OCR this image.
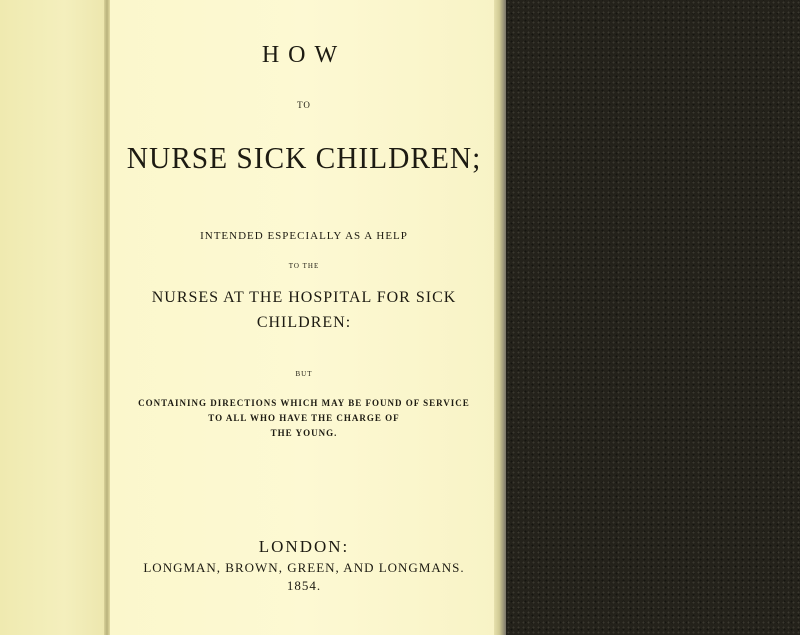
HOW
TO
NURSE SICK CHILDREN;
INTENDED ESPECIALLY AS A HELP
TO THE
NURSES AT THE HOSPITAL FOR SICK
CHILDREN:
BUT
CONTAINING DIRECTIONS WHICH MAY BE FOUND OF SERVICE
TO ALL WHO HAVE THE CHARGE OF
THE YOUNG.
LONDON:
LONGMAN, BROWN, GREEN, AND LONGMANS.
1854.
